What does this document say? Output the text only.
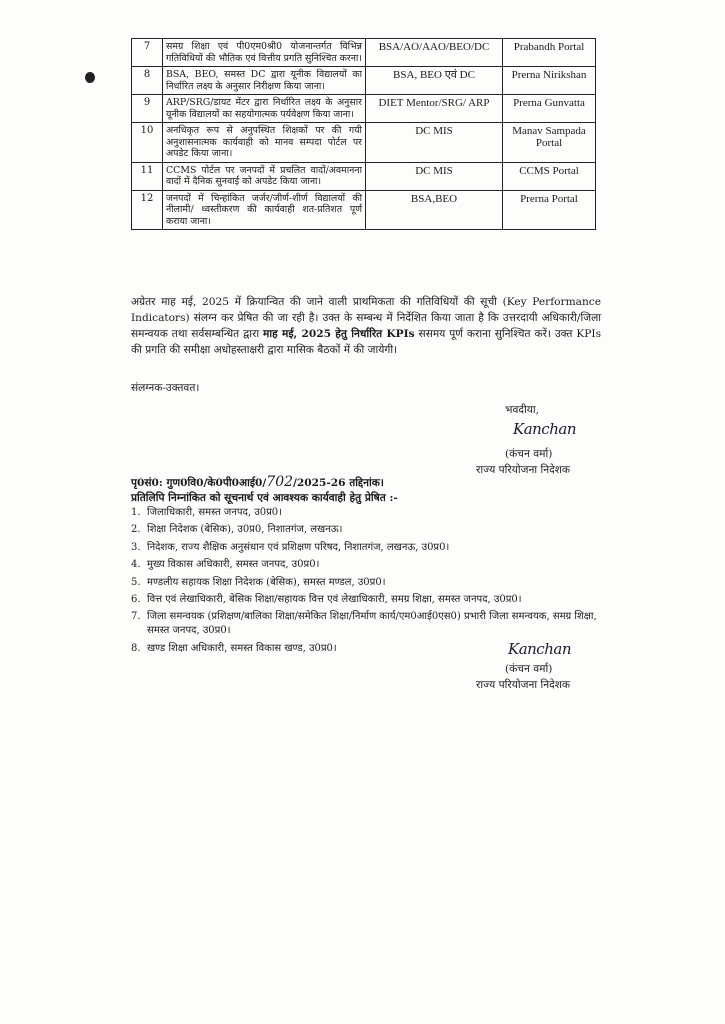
7	समग्र शिक्षा एवं पी0एम0श्री0 योजनान्तर्गत विभिन्न गतिविधियों की भौतिक एवं वित्तीय प्रगति सुनिश्चित करना।	BSA/AO/AAO/BEO/DC	Prabandh Portal
8	BSA, BEO, समस्त DC द्वारा यूनीक विद्यालयों का निर्धारित लक्ष्य के अनुसार निरीक्षण किया जाना।	BSA, BEO एवं DC	Prerna Nirikshan
9	ARP/SRG/डायट मेंटर द्वारा निर्धारित लक्ष्य के अनुसार यूनीक विद्यालयों का सहयोगात्मक पर्यवेक्षण किया जाना।	DIET Mentor/SRG/ ARP	Prerna Gunvatta
10	अनधिकृत रूप से अनुपस्थित शिक्षकों पर की गयी अनुशासनात्मक कार्यवाही को मानव सम्पदा पोर्टल पर अपडेट किया जाना।	DC MIS	Manav Sampada Portal
11	CCMS पोर्टल पर जनपदों में प्रचलित वादों/अवमानना वादों में दैनिक सुनवाई को अपडेट किया जाना।	DC MIS	CCMS Portal
12	जनपदों में चिन्हांकित जर्जर/जीर्ण-शीर्ण विद्यालयों की नीलामी/ ध्वस्तीकरण की कार्यवाही शत-प्रतिशत पूर्ण कराया जाना।	BSA,BEO	Prerna Portal
अग्रेतर माह मई, 2025 में क्रियान्वित की जाने वाली प्राथमिकता की गतिविधियों की सूची (Key Performance Indicators) संलग्न कर प्रेषित की जा रही है। उक्त के सम्बन्ध में निर्देशित किया जाता है कि उत्तरदायी अधिकारी/जिला समन्वयक तथा सर्वसम्बन्धित द्वारा माह मई, 2025 हेतु निर्धारित KPIs ससमय पूर्ण कराना सुनिश्चित करें। उक्त KPIs की प्रगति की समीक्षा अधोहस्ताक्षरी द्वारा मासिक बैठकों में की जायेगी।
संलग्नक-उक्तवत।
भवदीया,
Kanchan
(कंचन वर्मा)
राज्य परियोजना निदेशक
पृ0सं0: गुण0वि0/के0पी0आई0/702/2025-26 तद्दिनांक।
प्रतिलिपि निम्नांकित को सूचनार्थ एवं आवश्यक कार्यवाही हेतु प्रेषित :-
1. जिलाधिकारी, समस्त जनपद, उ0प्र0।
2. शिक्षा निदेशक (बेसिक), उ0प्र0, निशातगंज, लखनऊ।
3. निदेशक, राज्य शैक्षिक अनुसंधान एवं प्रशिक्षण परिषद, निशातगंज, लखनऊ, उ0प्र0।
4. मुख्य विकास अधिकारी, समस्त जनपद, उ0प्र0।
5. मण्डलीय सहायक शिक्षा निदेशक (बेसिक), समस्त मण्डल, उ0प्र0।
6. वित्त एवं लेखाधिकारी, बेसिक शिक्षा/सहायक वित्त एवं लेखाधिकारी, समग्र शिक्षा, समस्त जनपद, उ0प्र0।
7. जिला समन्वयक (प्रशिक्षण/बालिका शिक्षा/समेकित शिक्षा/निर्माण कार्य/एम0आई0एस0) प्रभारी जिला समन्वयक, समग्र शिक्षा, समस्त जनपद, उ0प्र0।
8. खण्ड शिक्षा अधिकारी, समस्त विकास खण्ड, उ0प्र0।	Kanchan
(कंचन वर्मा)
राज्य परियोजना निदेशक
